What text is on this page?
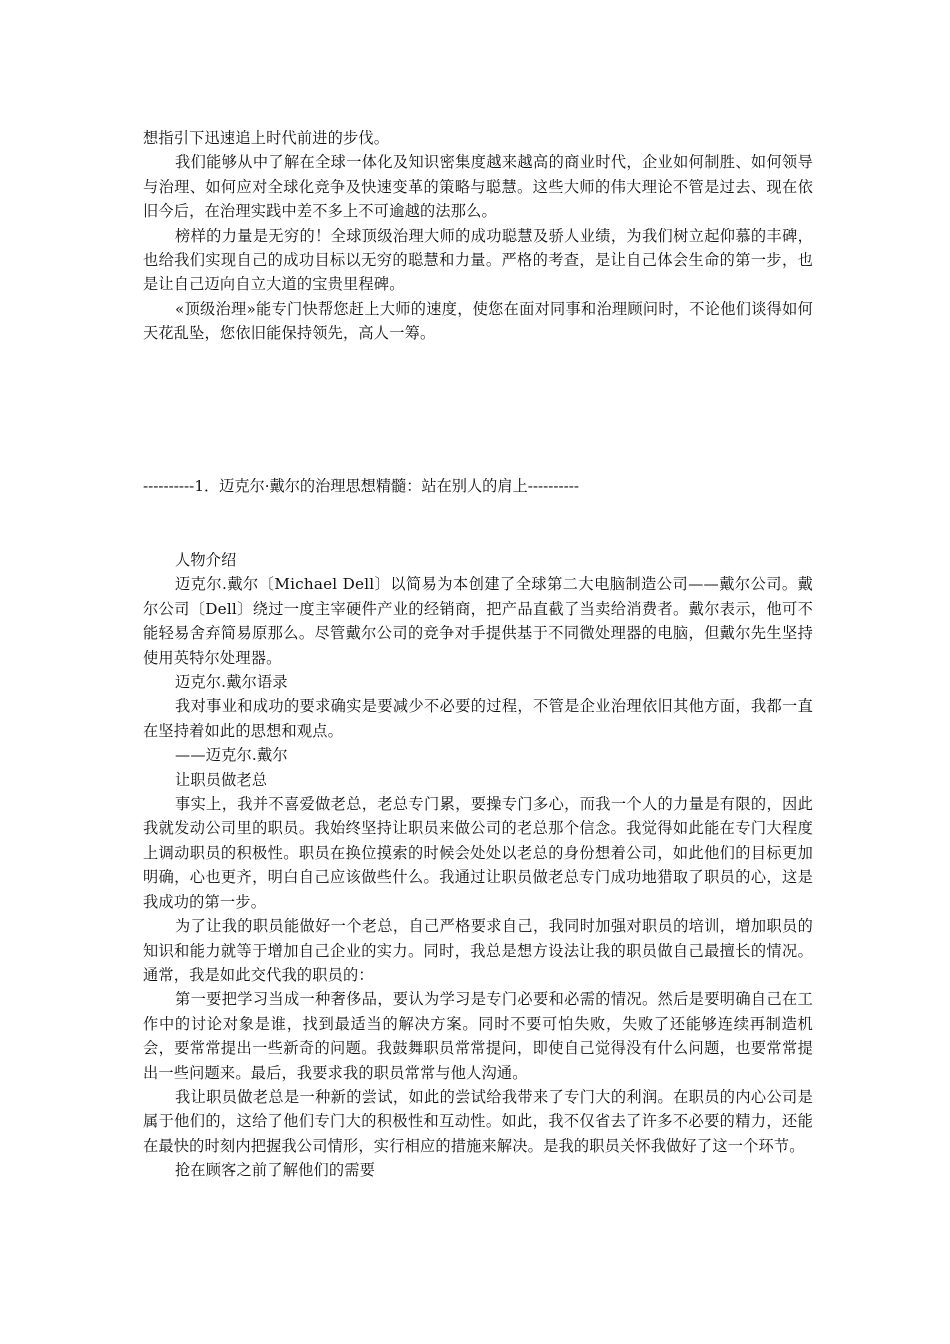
想指引下迅速追上时代前进的步伐。

我们能够从中了解在全球一体化及知识密集度越来越高的商业时代，企业如何制胜、如何领导与治理、如何应对全球化竞争及快速变革的策略与聪慧。这些大师的伟大理论不管是过去、现在依旧今后，在治理实践中差不多上不可逾越的法那么。

榜样的力量是无穷的！全球顶级治理大师的成功聪慧及骄人业绩，为我们树立起仰慕的丰碑，也给我们实现自己的成功目标以无穷的聪慧和力量。严格的考查，是让自己体会生命的第一步，也是让自己迈向自立大道的宝贵里程碑。

«顶级治理»能专门快帮您赶上大师的速度，使您在面对同事和治理顾问时，不论他们谈得如何天花乱坠，您依旧能保持领先，高人一筹。

----------1．迈克尔·戴尔的治理思想精髓：站在别人的肩上----------

人物介绍

迈克尔.戴尔〔Michael Dell〕以简易为本创建了全球第二大电脑制造公司——戴尔公司。戴尔公司〔Dell〕绕过一度主宰硬件产业的经销商，把产品直截了当卖给消费者。戴尔表示，他可不能轻易舍弃简易原那么。尽管戴尔公司的竞争对手提供基于不同微处理器的电脑，但戴尔先生坚持使用英特尔处理器。

迈克尔.戴尔语录

我对事业和成功的要求确实是要减少不必要的过程，不管是企业治理依旧其他方面，我都一直在坚持着如此的思想和观点。

——迈克尔.戴尔

让职员做老总

事实上，我并不喜爱做老总，老总专门累，要操专门多心，而我一个人的力量是有限的，因此我就发动公司里的职员。我始终坚持让职员来做公司的老总那个信念。我觉得如此能在专门大程度上调动职员的积极性。职员在换位摸索的时候会处处以老总的身份想着公司，如此他们的目标更加明确，心也更齐，明白自己应该做些什么。我通过让职员做老总专门成功地猎取了职员的心，这是我成功的第一步。

为了让我的职员能做好一个老总，自己严格要求自己，我同时加强对职员的培训，增加职员的知识和能力就等于增加自己企业的实力。同时，我总是想方设法让我的职员做自己最擅长的情况。通常，我是如此交代我的职员的：

第一要把学习当成一种奢侈品，要认为学习是专门必要和必需的情况。然后是要明确自己在工作中的讨论对象是谁，找到最适当的解决方案。同时不要可怕失败，失败了还能够连续再制造机会，要常常提出一些新奇的问题。我鼓舞职员常常提问，即使自己觉得没有什么问题，也要常常提出一些问题来。最后，我要求我的职员常常与他人沟通。

我让职员做老总是一种新的尝试，如此的尝试给我带来了专门大的利润。在职员的内心公司是属于他们的，这给了他们专门大的积极性和互动性。如此，我不仅省去了许多不必要的精力，还能在最快的时刻内把握我公司情形，实行相应的措施来解决。是我的职员关怀我做好了这一个环节。

抢在顾客之前了解他们的需要
